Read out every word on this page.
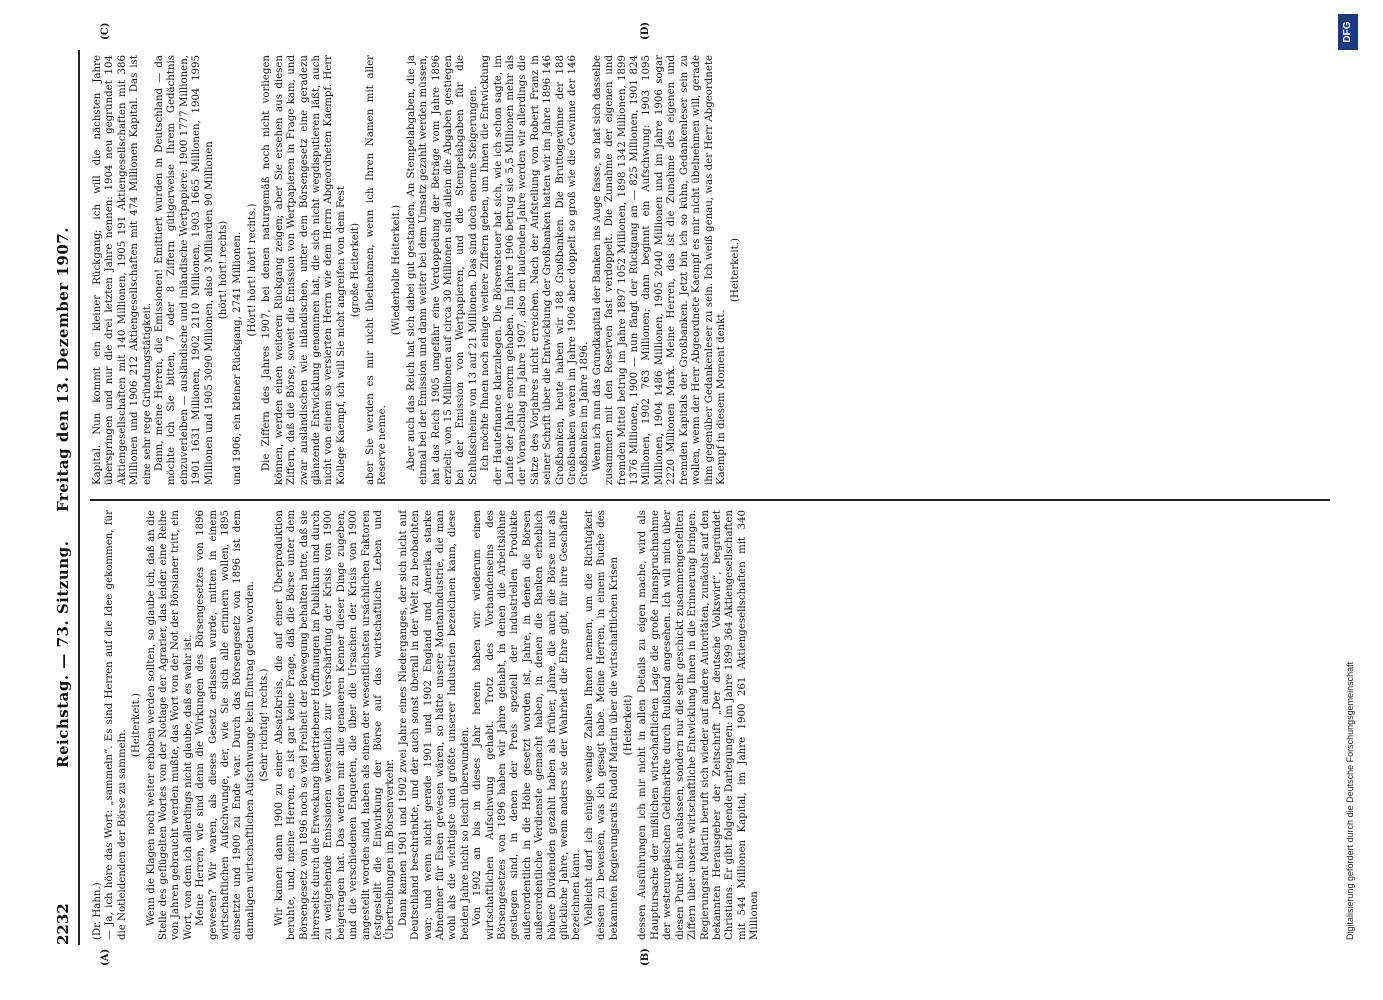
2232
Reichstag. — 73. Sitzung.     Freitag den 13. Dezember 1907.
(A)	(B)
(C)	(D)

(Dr. Hahn.) — Ja, ich höre das Wort: „sammeln“. Es sind Herren auf die Idee gekommen, für die Notleidenden der Börse zu sammeln.

(Heiterkeit.) Wenn die Klagen noch weiter erhoben werden sollten, so glaube ich, daß an die Stelle des geflügelten Wortes von der Notlage der Agrarier, das leider eine Reihe von Jahren gebraucht werden mußte, das Wort von der Not der Börsianer tritt, ein Wort, von dem ich allerdings nicht glaube, daß es wahr ist. Meine Herren, wie sind denn die Wirkungen des Börsengesetzes von 1896 gewesen? Wir waren, als dieses Gesetz erlassen wurde, mitten in einem wirtschaftlichen Aufschwunge, der, wie Sie sich alle erinnern wollen, 1895 einsetzte und 1900 zu Ende war. Durch das Börsengesetz von 1896 ist dem damaligen wirtschaftlichen Aufschwunge kein Eintrag getan worden. (Sehr richtig! rechts.) Wir kamen dann 1900 zu einer Absatzkrisis, die auf einer Überproduktion beruhte, und, meine Herren, es ist gar keine Frage, daß die Börse unter dem Börsengesetz von 1896 noch so viel Freiheit der Bewegung behalten hatte, daß sie ihrerseits durch die Erweckung übertriebener Hoffnungen im Publikum und durch zu weitgehende Emissionen wesentlich zur Verschärfung der Krisis von 1900 beigetragen hat. Das werden mir alle genaueren Kenner dieser Dinge zugeben, und die verschiedenen Enqueten, die über die Ursachen der Krisis von 1900 angestellt worden sind, haben als einen der wesentlichsten ursächlichen Faktoren festgestellt die Einwirkung der Börse auf das wirtschaftliche Leben und Übertreibungen im Börsenverkehr. Dann kamen 1901 und 1902 zwei Jahre eines Niederganges, der sich nicht auf Deutschland beschränkte, und der auch sonst überall in der Welt zu beobachten war; und wenn nicht gerade 1901 und 1902 England und Amerika starke Abnehmer für Eisen gewesen wären, so hätte unsere Montanindustrie, die man wohl als die wichtigste und größte unserer Industrien bezeichnen kann, diese beiden Jahre nicht so leicht überwunden. Von 1902 an bis in dieses Jahr herein haben wir wiederum einen wirtschaftlichen Aufschwung gehabt. Trotz des Vorhandenseins des Börsengesetzes von 1896 haben wir Jahre gehabt, in denen die Arbeitslöhne gestiegen sind, in denen der Preis speziell der industriellen Produkte außerordentlich in die Höhe gesetzt worden ist, Jahre, in denen die Börsen außerordentliche Verdienste gemacht haben, in denen die Banken erheblich höhere Dividenden gezahlt haben als früher, Jahre, die auch die Börse nur als glückliche Jahre, wenn anders sie der Wahrheit die Ehre gibt, für ihre Geschäfte bezeichnen kann. Vielleicht darf ich einige wenige Zahlen Ihnen nennen, um die Richtigkeit dessen zu beweisen, was ich gesagt habe. Meine Herren, in einem Buche des bekannten Regierungsrats Rudolf Martin über die wirtschaftlichen Krisen (Heiterkeit) dessen Ausführungen ich mir nicht in allen Details zu eigen mache, wird als Hauptursache der mißlichen wirtschaftlichen Lage die große Inanspruchnahme der westeuropäischen Geldmärkte durch Rußland angesehen. Ich will mich über diesen Punkt nicht auslassen, sondern nur die sehr geschickt zusammengestellten Ziffern über unsere wirtschaftliche Entwicklung Ihnen in die Erinnerung bringen. Regierungsrat Martin beruft sich wieder auf andere Autoritäten, zunächst auf den bekannten Herausgeber der Zeitschrift „Der deutsche Volkswirt“, begründet Christians. Er gibt folgende Darlegungen: im Jahre 1899 364 Aktiengesellschaften mit 544 Millionen Kapital, im Jahre 1900 261 Aktiengesellschaften mit 340 Millionen

Kapital. Nun kommt ein kleiner Rückgang; ich will die nächsten Jahre überspringen und nur die drei letzten Jahre nennen: 1904 neu gegründet 104 Aktiengesellschaften mit 140 Millionen, 1905 191 Aktiengesellschaften mit 386 Millionen und 1906 212 Aktiengesellschaften mit 474 Millionen Kapital. Das ist eine sehr rege Gründungstätigkeit. Dann, meine Herren, die Emissionen! Emittiert wurden in Deutschland — da möchte ich Sie bitten, 7 oder 8 Ziffern gütigerweise Ihrem Gedächtnis einzuverleiben — ausländische und inländische Wertpapiere: 1900 1777 Millionen, 1901 1631 Millionen, 1902 2110 Millionen, 1903 1665 Millionen, 1904 1995 Millionen und 1905 3090 Millionen, also 3 Milliarden 90 Millionen (hört! hört! rechts) und 1906, ein kleiner Rückgang, 2741 Millionen. (Hört! hört! hört! rechts.) Die Ziffern des Jahres 1907, bei denen naturgemäß noch nicht vorliegen können, werden einen weiteren Rückgang zeigen; aber Sie ersehen aus diesen Ziffern, daß die Börse, soweit die Emission von Wertpapieren in Frage kam, und zwar ausländischen wie inländischen, unter dem Börsengesetz eine geradezu glänzende Entwicklung genommen hat, die sich nicht wegdisputieren läßt, auch nicht von einem so versierten Herrn wie dem Herrn Abgeordneten Kaempf. Herr Kollege Kaempf, ich will Sie nicht angreifen von dem Fest (große Heiterkeit) aber Sie werden es mir nicht übelnehmen, wenn ich Ihren Namen mit aller Reserve nenne.

(Wiederholte Heiterkeit.) Aber auch das Reich hat sich dabei gut gestanden. An Stempelabgaben, die ja einmal bei der Emission und dann weiter bei dem Umsatz gezahlt werden müssen, hat das Reich 1905 ungefähr eine Verdoppelung der Beträge vom Jahre 1896 erzielt: von 15 Millionen auf circa 30 Millionen sind allein die Abgaben gestiegen bei der Emission von Wertpapieren, und die Stempelabgaben für die Schlußscheine von 13 auf 21 Millionen. Das sind doch enorme Steigerungen. Ich möchte Ihnen noch einige weitere Ziffern geben, um Ihnen die Entwicklung der Hautefinance klarzulegen. Die Börsensteuer hat sich, wie ich schon sagte, im Laufe der Jahre enorm gehoben. Im Jahre 1906 betrug sie 5,5 Millionen mehr als der Voranschlag im Jahre 1907, also im laufenden Jahre werden wir allerdings die Sätze des Vorjahres nicht erreichen. Nach der Aufstellung von Robert Franz in seiner Schrift über die Entwicklung der Großbanken hatten wir im Jahre 1896 146 Großbanken, heute haben wir 188 Großbanken. Die Bruttogewinne der 188 Großbanken waren im Jahre 1906 aber doppelt so groß wie die Gewinne der 146 Großbanken im Jahre 1896. Wenn ich nun das Grundkapital der Banken ins Auge fasse, so hat sich dasselbe zusammen mit den Reserven fast verdoppelt. Die Zunahme der eigenen und fremden Mittel betrug im Jahre 1897 1052 Millionen, 1898 1342 Millionen, 1899 1376 Millionen, 1900 — nun fängt der Rückgang an — 825 Millionen, 1901 824 Millionen, 1902 763 Millionen; dann beginnt ein Aufschwung: 1903 1095 Millionen, 1904 1486 Millionen, 1905 2040 Millionen und im Jahre 1906 sogar 2220 Millionen Mark. Meine Herren, das ist die Zunahme des eigenen und fremden Kapitals der Großbanken. Jetzt bin ich so kühn, Gedankenleser sein zu wollen, wenn der Herr Abgeordnete Kaempf es mir nicht übelnehmen will, gerade ihm gegenüber Gedankenleser zu sein. Ich weiß genau, was der Herr Abgeordnete Kaempf in diesem Moment denkt.

(Heiterkeit.)

Digitalisierung gefördert durch die Deutsche Forschungsgemeinschaft
DFG
